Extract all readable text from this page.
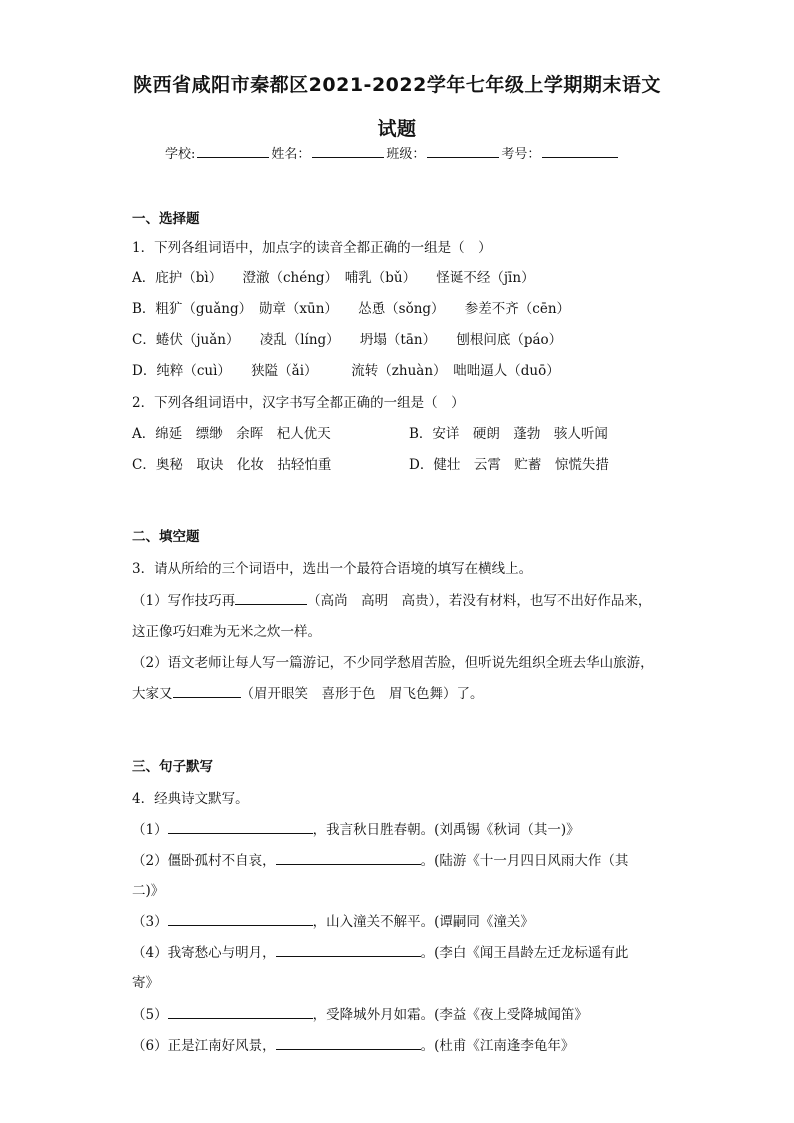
陕西省咸阳市秦都区2021-2022学年七年级上学期期末语文
试题
学校:	姓名：	班级：	考号：
一、选择题
1．下列各组词语中，加点字的读音全都正确的一组是（　）
A．庇护（bì）　　澄澈（chéng）　哺乳（bǔ）　　怪诞不经（jīn）
B．粗犷（guǎng）　勋章（xūn）　　怂恿（sǒng）　　参差不齐（cēn）
C．蜷伏（juǎn）　　凌乱（líng）　　坍塌（tān）　　刨根问底（páo）
D．纯粹（cuì）　　狭隘（ǎi）　　　流转（zhuàn）　咄咄逼人（duō）
2．下列各组词语中，汉字书写全都正确的一组是（　）
A．绵延　缥缈　余晖　杞人优天	B．安详　硬朗　蓬勃　骇人听闻
C．奥秘　取诀　化妆　拈轻怕重	D．健壮　云霄　贮蓄　惊慌失措
二、填空题
3．请从所给的三个词语中，选出一个最符合语境的填写在横线上。
（1）写作技巧再	（高尚　高明　高贵），若没有材料，也写不出好作品来，
这正像巧妇难为无米之炊一样。
（2）语文老师让每人写一篇游记，不少同学愁眉苦脸，但听说先组织全班去华山旅游，
大家又	（眉开眼笑　喜形于色　眉飞色舞）了。
三、句子默写
4．经典诗文默写。
（1）	，我言秋日胜春朝。(刘禹锡《秋词（其一)》
（2）僵卧孤村不自哀，	。(陆游《十一月四日风雨大作（其
二)》
（3）	，山入潼关不解平。(谭嗣同《潼关》
（4）我寄愁心与明月，	。(李白《闻王昌龄左迁龙标遥有此
寄》
（5）	，受降城外月如霜。(李益《夜上受降城闻笛》
（6）正是江南好风景，	。(杜甫《江南逢李龟年》
